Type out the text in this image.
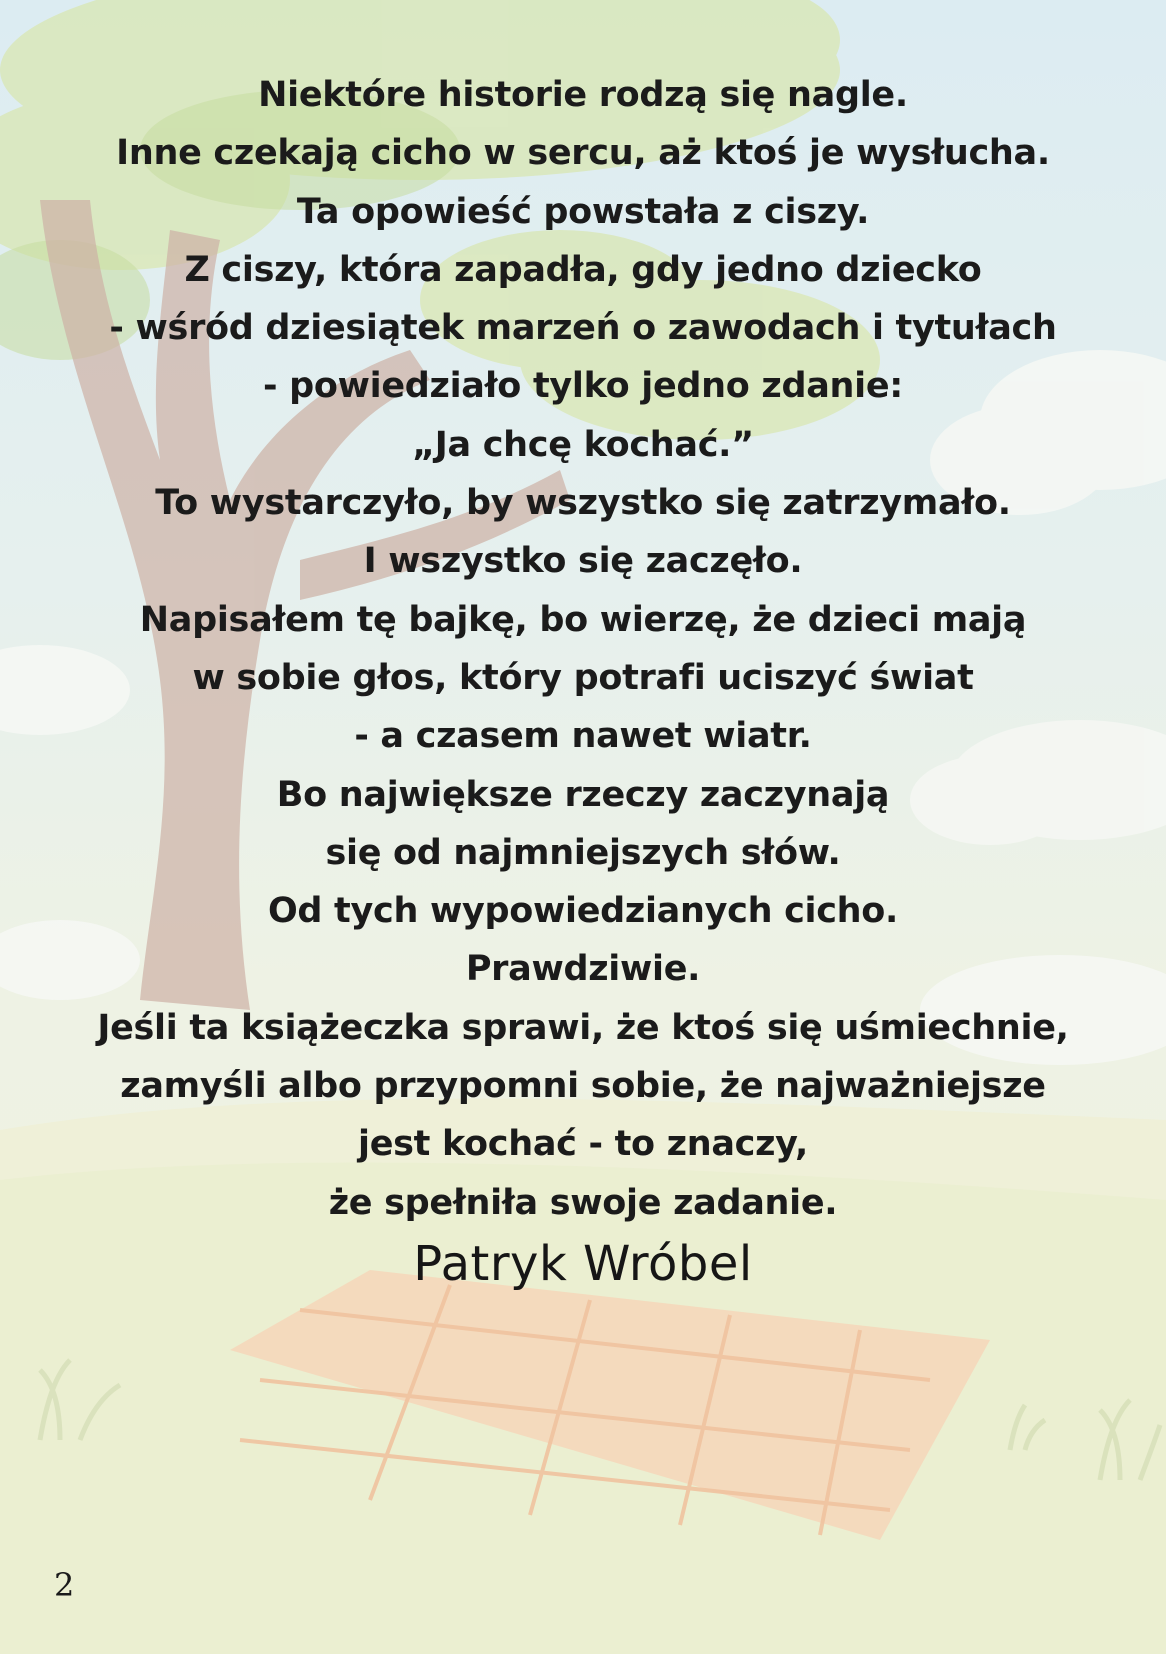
Niektóre historie rodzą się nagle.
Inne czekają cicho w sercu, aż ktoś je wysłucha.
Ta opowieść powstała z ciszy.
Z ciszy, która zapadła, gdy jedno dziecko
- wśród dziesiątek marzeń o zawodach i tytułach
- powiedziało tylko jedno zdanie:
„Ja chcę kochać.”
To wystarczyło, by wszystko się zatrzymało.
I wszystko się zaczęło.
Napisałem tę bajkę, bo wierzę, że dzieci mają
w sobie głos, który potrafi uciszyć świat
- a czasem nawet wiatr.
Bo największe rzeczy zaczynają
się od najmniejszych słów.
Od tych wypowiedzianych cicho.
Prawdziwie.
Jeśli ta książeczka sprawi, że ktoś się uśmiechnie,
zamyśli albo przypomni sobie, że najważniejsze
jest kochać - to znaczy,
że spełniła swoje zadanie.
Patryk Wróbel
2
